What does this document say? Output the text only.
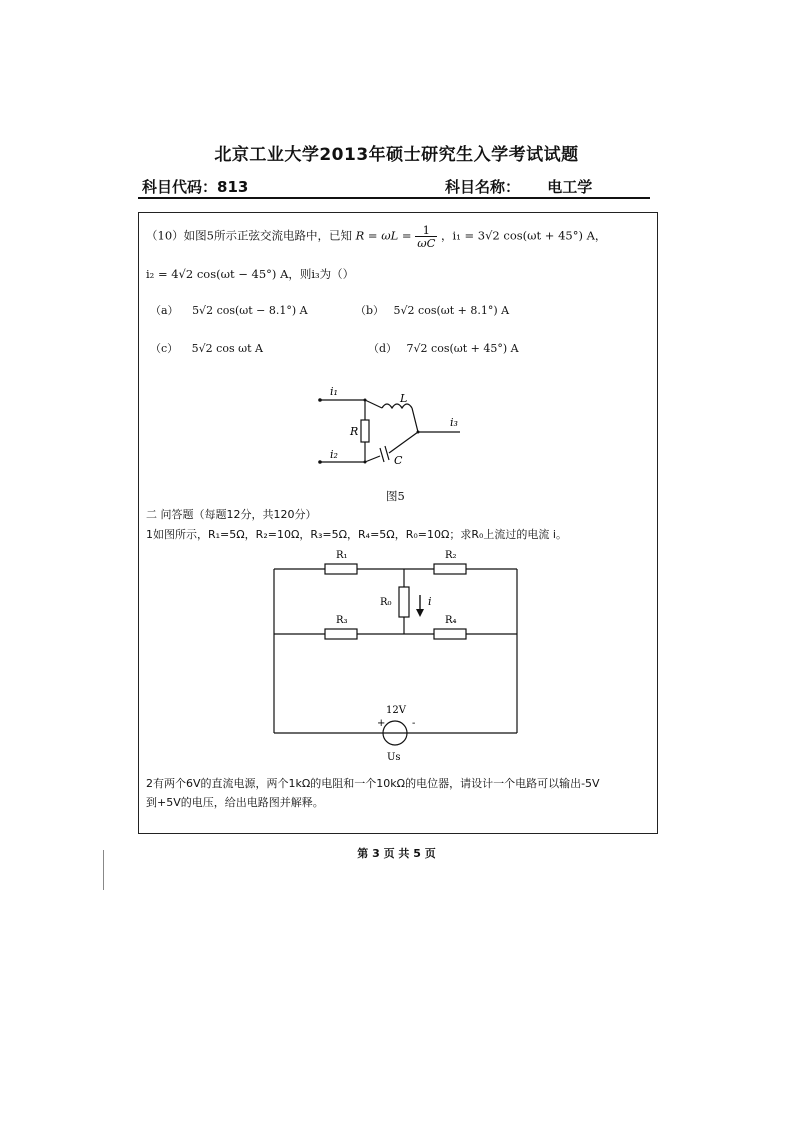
北京工业大学2013年硕士研究生入学考试试题
科目代码：813	科目名称： 电工学
（10）如图5所示正弦交流电路中，已知 $R = \omega L = \frac{1}{\omega C}$ ，i₁ = 3√2 cos(ωt + 45°) A，
i₂ = 4√2 cos(ωt − 45°) A，则i₃为（）
（a） 5√2 cos(ωt − 8.1°) A	（b） 5√2 cos(ωt + 8.1°) A
（c） 5√2 cos ωt A	（d） 7√2 cos(ωt + 45°) A
i₁
i₂
i₃
R
L
C
图5
二 问答题（每题12分，共120分）
1如图所示，R₁=5Ω，R₂=10Ω，R₃=5Ω，R₄=5Ω，R₀=10Ω；求R₀上流过的电流 i。
R₁	R₂
R₃	R₄
R₀	i
12V
+	-
Us
2有两个6V的直流电源，两个1kΩ的电阻和一个10kΩ的电位器，请设计一个电路可以输出-5V
到+5V的电压，给出电路图并解释。
第 3 页 共 5 页
